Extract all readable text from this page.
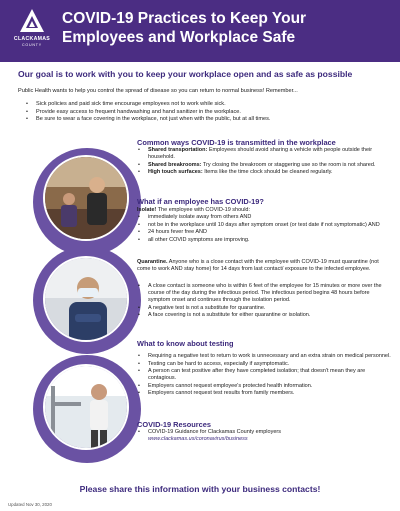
CLACKAMAS
COUNTY
COVID-19 Practices to Keep Your Employees and Workplace Safe
Our goal is to work with you to keep your workplace open and as safe as possible
Public Health wants to help you control the spread of disease so you can return to normal business! Remember...
• Sick policies and paid sick time encourage employees not to work while sick.
• Provide easy access to frequent handwashing and hand sanitizer in the workplace.
• Be sure to wear a face covering in the workplace, not just when with the public, but at all times.
Common ways COVID-19 is transmitted in the workplace
• Shared transportation: Employees should avoid sharing a vehicle with people outside their household.
• Shared breakrooms: Try closing the breakroom or staggering use so the room is not shared.
• High touch surfaces: Items like the time clock should be cleaned regularly.
What if an employee has COVID-19?
Isolate! The employee with COVID-19 should:
• immediately isolate away from others AND
• not be in the workplace until 10 days after symptom onset (or test date if not symptomatic) AND
• 24 hours fever free AND
• all other COVID symptoms are improving.
Quarantine. Anyone who is a close contact with the employee with COVID-19 must quarantine (not come to work AND stay home) for 14 days from last contact/ exposure to the infected employee.
• A close contact is someone who is within 6 feet of the employee for 15 minutes or more over the course of the day during the infectious period. The infectious period begins 48 hours before symptom onset and continues through the isolation period.
• A negative test is not a substitute for quarantine.
• A face covering is not a substitute for either quarantine or isolation.
What to know about testing
• Requiring a negative test to return to work is unnecessary and an extra strain on medical personnel.
• Testing can be hard to access, especially if asymptomatic.
• A person can test positive after they have completed isolation; that doesn't mean they are contagious.
• Employers cannot request employee's protected health information.
• Employers cannot request test results from family members.
COVID-19 Resources
• COVID-19 Guidance for Clackamas County employers
www.clackamas.us/coronavirus/business
Please share this information with your business contacts!
Updated Nov 30, 2020
